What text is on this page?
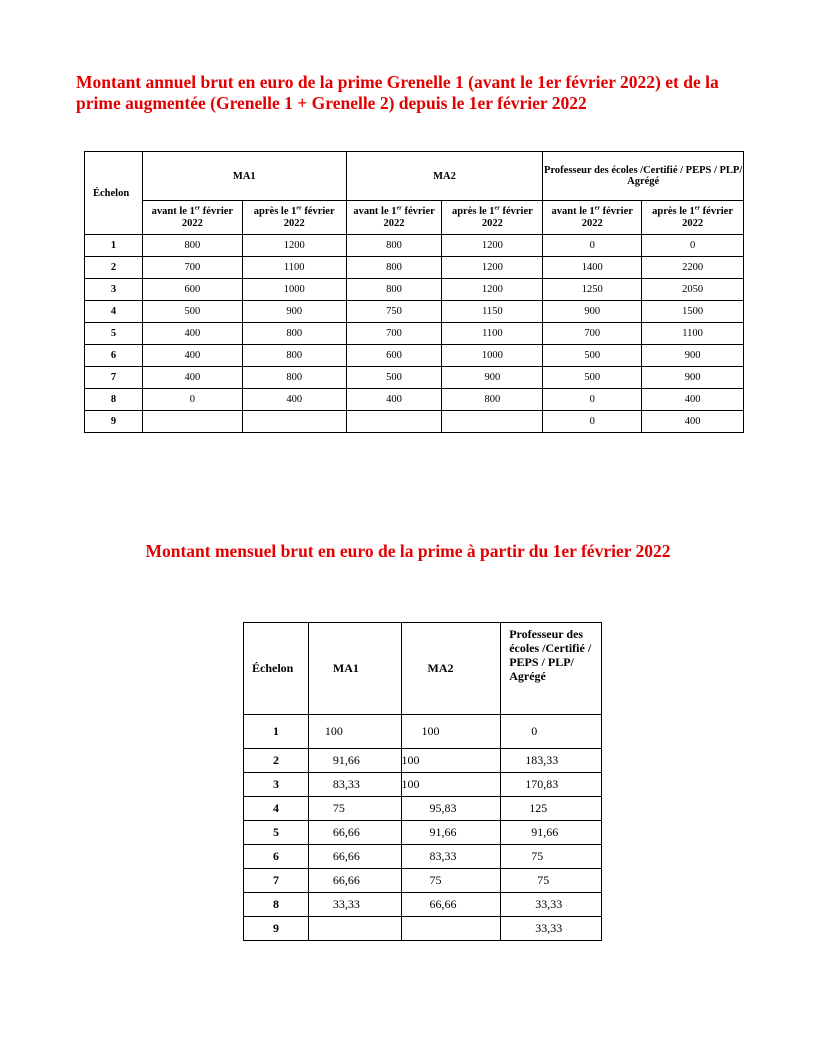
Montant annuel brut en euro de la prime Grenelle 1 (avant le 1er février 2022) et de la prime augmentée (Grenelle 1 + Grenelle 2) depuis le 1er février 2022
Échelon	MA1		MA2		Professeur des écoles /Certifié / PEPS / PLP/ Agrégé	
	avant le 1er février 2022	après le 1er février 2022	avant le 1er février 2022	après le 1er février 2022	avant le 1er février 2022	après le 1er février 2022
1	800	1200	800	1200	0	0
2	700	1100	800	1200	1400	2200
3	600	1000	800	1200	1250	2050
4	500	900	750	1150	900	1500
5	400	800	700	1100	700	1100
6	400	800	600	1000	500	900
7	400	800	500	900	500	900
8	0	400	400	800	0	400
9					0	400
Montant mensuel brut en euro de la prime à partir du 1er février 2022
Échelon	MA1	MA2	Professeur des écoles /Certifié / PEPS / PLP/ Agrégé
1	100	100	0
2	91,66	100	183,33
3	83,33	100	170,83
4	75	95,83	125
5	66,66	91,66	91,66
6	66,66	83,33	75
7	66,66	75	75
8	33,33	66,66	33,33
9			33,33
